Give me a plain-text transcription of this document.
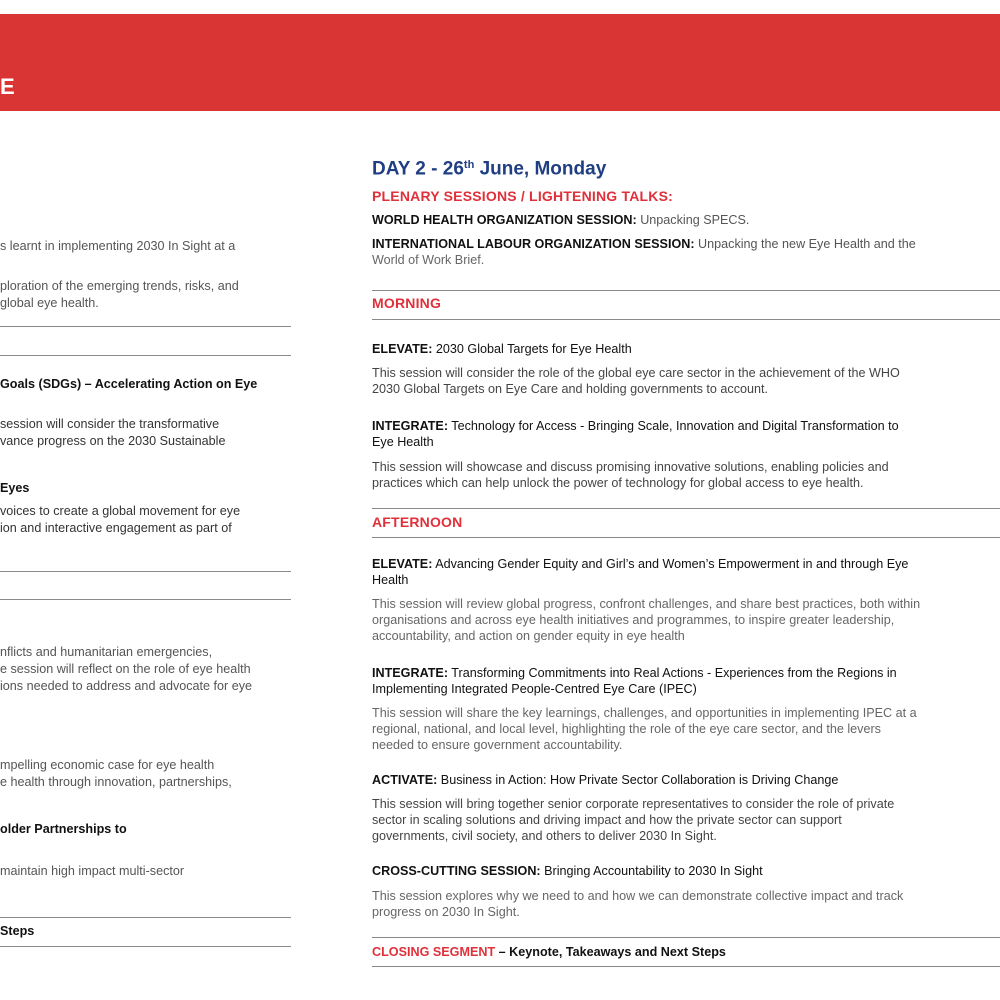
E
s learnt in implementing 2030 In Sight at a
ploration of the emerging trends, risks, and
global eye health.
Goals (SDGs) – Accelerating Action on Eye
session will consider the transformative
vance progress on the 2030 Sustainable
Eyes
voices to create a global movement for eye
ion and interactive engagement as part of
nflicts and humanitarian emergencies,
e session will reflect on the role of eye health
ions needed to address and advocate for eye
mpelling economic case for eye health
e health through innovation, partnerships,
older Partnerships to
maintain high impact multi-sector
Steps
DAY 2 - 26th June, Monday
PLENARY SESSIONS / LIGHTENING TALKS:
WORLD HEALTH ORGANIZATION SESSION: Unpacking SPECS.
INTERNATIONAL LABOUR ORGANIZATION SESSION: Unpacking the new Eye Health and the
World of Work Brief.
MORNING
ELEVATE: 2030 Global Targets for Eye Health
This session will consider the role of the global eye care sector in the achievement of the WHO
2030 Global Targets on Eye Care and holding governments to account.
INTEGRATE: Technology for Access - Bringing Scale, Innovation and Digital Transformation to
Eye Health
This session will showcase and discuss promising innovative solutions, enabling policies and
practices which can help unlock the power of technology for global access to eye health.
AFTERNOON
ELEVATE: Advancing Gender Equity and Girl’s and Women’s Empowerment in and through Eye
Health
This session will review global progress, confront challenges, and share best practices, both within
organisations and across eye health initiatives and programmes, to inspire greater leadership,
accountability, and action on gender equity in eye health
INTEGRATE: Transforming Commitments into Real Actions - Experiences from the Regions in
Implementing Integrated People-Centred Eye Care (IPEC)
This session will share the key learnings, challenges, and opportunities in implementing IPEC at a
regional, national, and local level, highlighting the role of the eye care sector, and the levers
needed to ensure government accountability.
ACTIVATE: Business in Action: How Private Sector Collaboration is Driving Change
This session will bring together senior corporate representatives to consider the role of private
sector in scaling solutions and driving impact and how the private sector can support
governments, civil society, and others to deliver 2030 In Sight.
CROSS-CUTTING SESSION: Bringing Accountability to 2030 In Sight
This session explores why we need to and how we can demonstrate collective impact and track
progress on 2030 In Sight.
CLOSING SEGMENT – Keynote, Takeaways and Next Steps
